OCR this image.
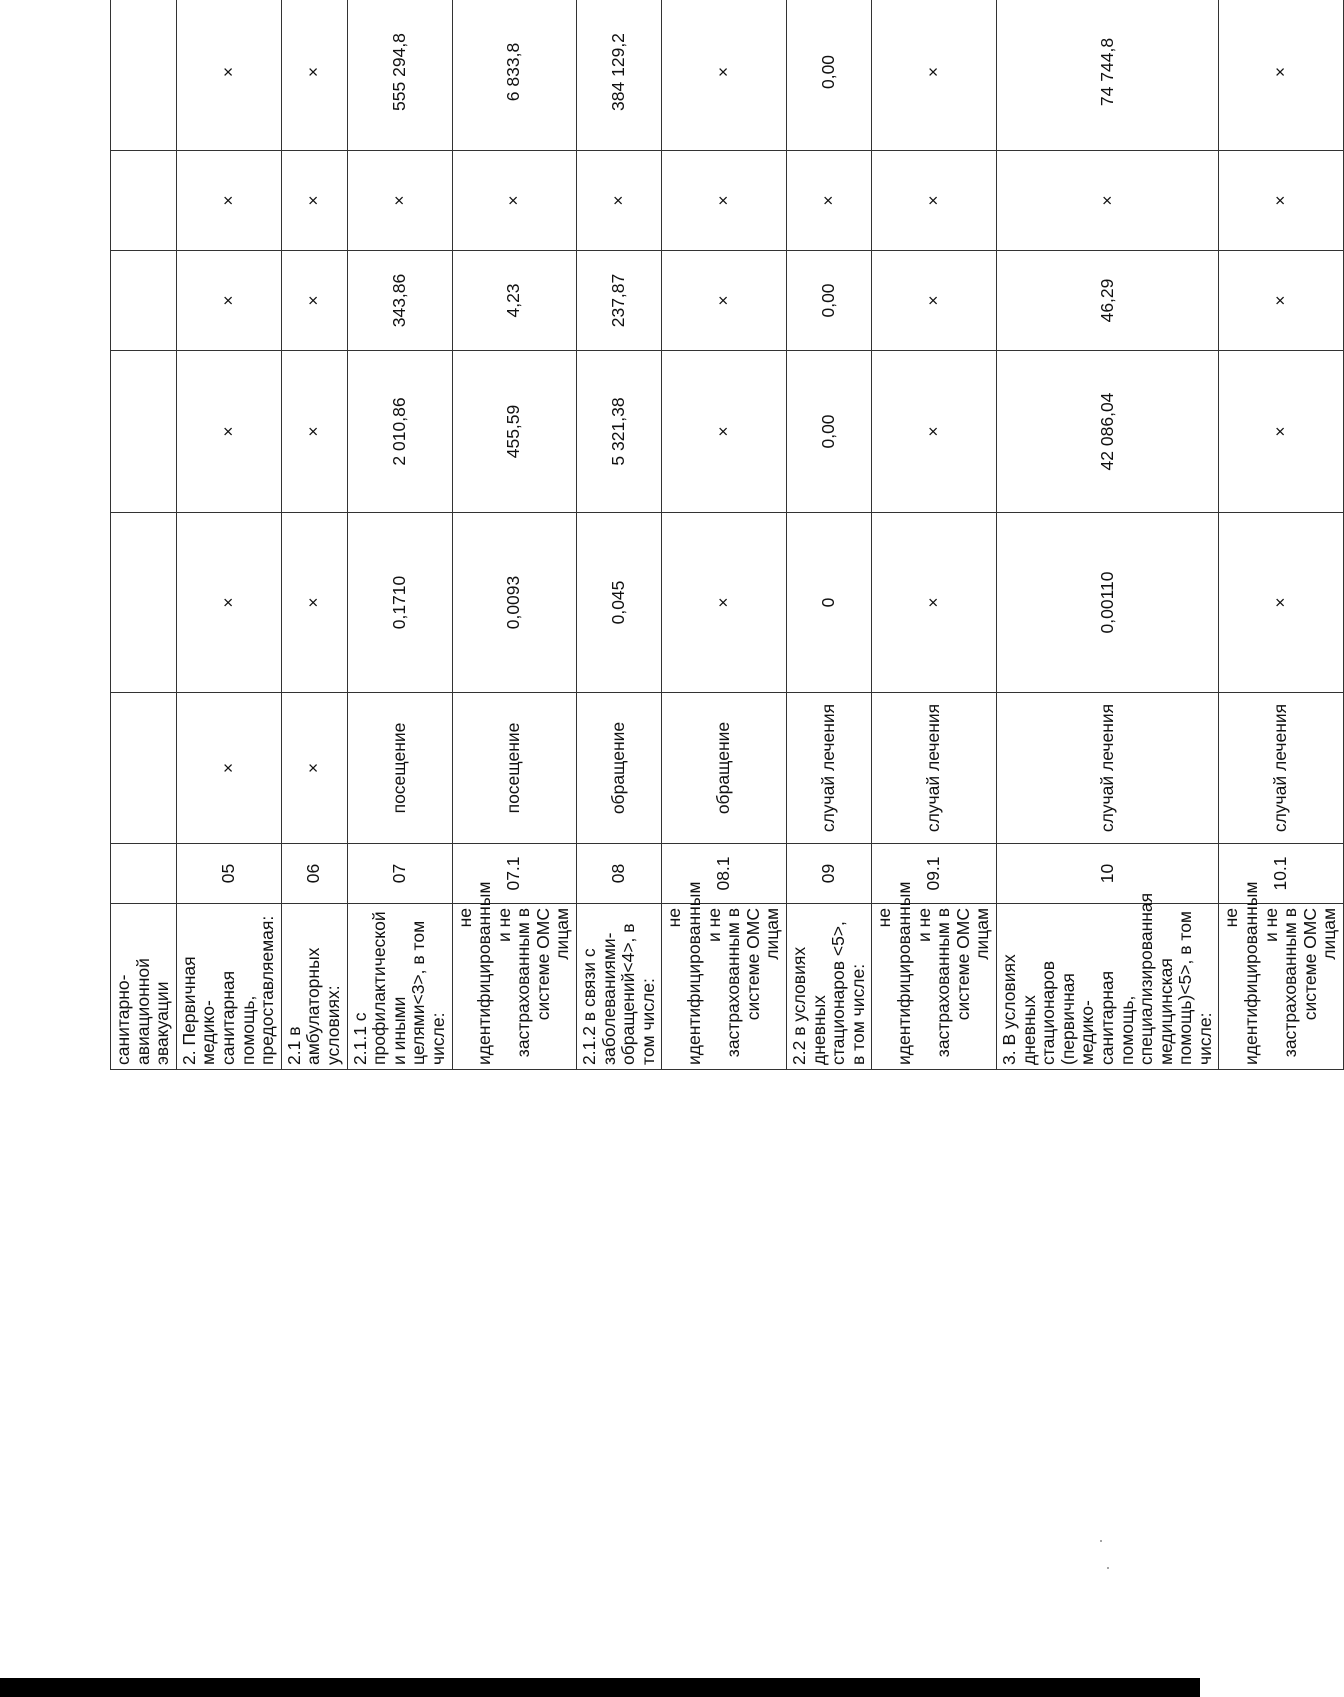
санитарно-авиационной эвакуации										
2. Первичная медико-санитарная помощь, предоставляемая:	05	×	×	×	×	×	×			
2.1 в амбулаторных условиях:	06	×	×	×	×	×	×			
2.1.1 с профилактической и иными целями<3>, в том числе:	07	посещение	0,1710	2 010,86	343,86	×	555 294,8			
не идентифицированным и не застрахованным в системе ОМС лицам	07.1	посещение	0,0093	455,59	4,23	×	6 833,8			
2.1.2 в связи с заболеваниями-обращений<4>, в том числе:	08	обращение	0,045	5 321,38	237,87	×	384 129,2			
не идентифицированным и не застрахованным в системе ОМС лицам	08.1	обращение	×	×	×	×	×			
2.2 в условиях дневных стационаров <5>, в том числе:	09	случай лечения	0	0,00	0,00	×	0,00			
не идентифицированным и не застрахованным в системе ОМС лицам	09.1	случай лечения	×	×	×	×	×			
3. В условиях дневных стационаров (первичная медико-санитарная помощь, специализированная медицинская помощь)<5>, в том числе:	10	случай лечения	0,00110	42 086,04	46,29	×	74 744,8			
не идентифицированным и не застрахованным в системе ОМС лицам	10.1	случай лечения	×	×	×	×	×			
